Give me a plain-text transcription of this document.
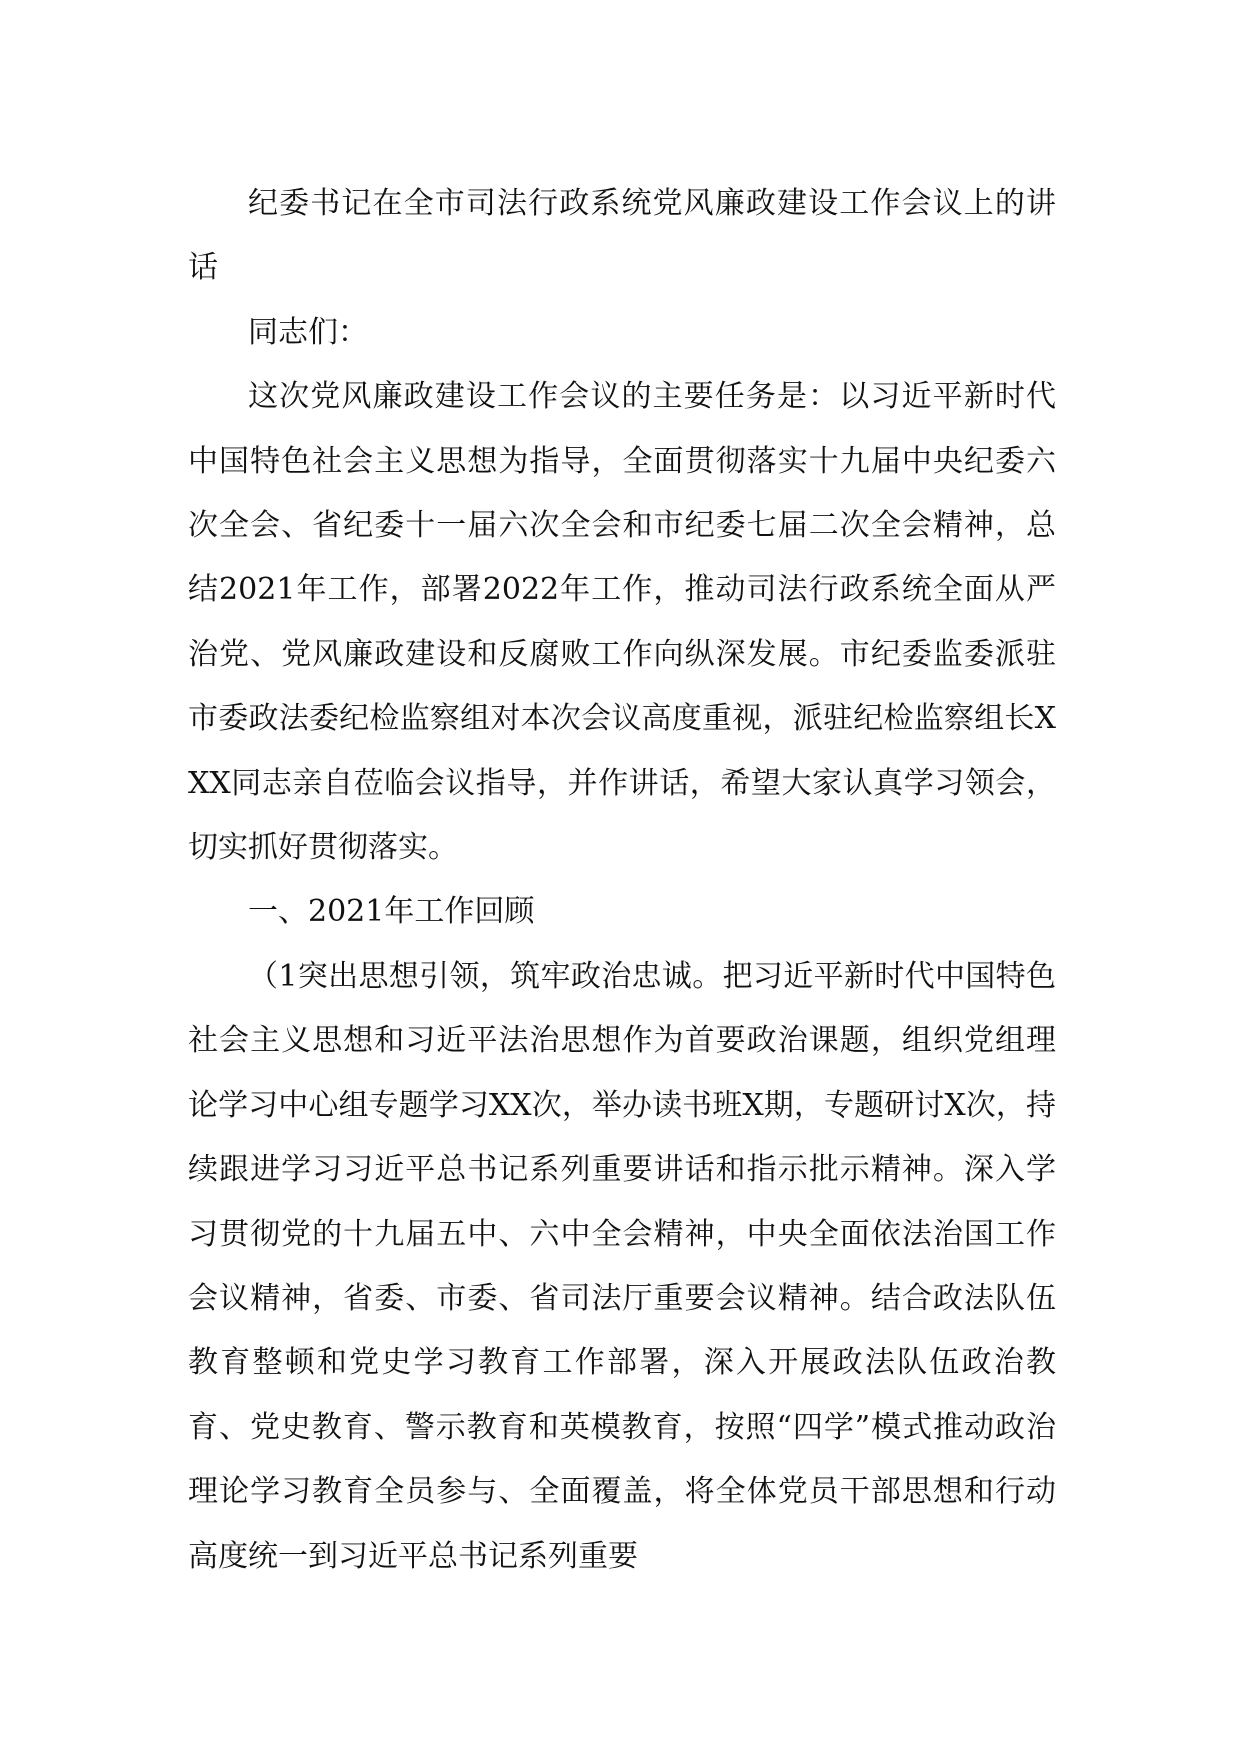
纪委书记在全市司法行政系统党风廉政建设工作会议上的讲话

同志们：

这次党风廉政建设工作会议的主要任务是：以习近平新时代中国特色社会主义思想为指导，全面贯彻落实十九届中央纪委六次全会、省纪委十一届六次全会和市纪委七届二次全会精神，总结2021年工作，部署2022年工作，推动司法行政系统全面从严治党、党风廉政建设和反腐败工作向纵深发展。市纪委监委派驻市委政法委纪检监察组对本次会议高度重视，派驻纪检监察组长XXX同志亲自莅临会议指导，并作讲话，希望大家认真学习领会，切实抓好贯彻落实。

一、2021年工作回顾

（1突出思想引领，筑牢政治忠诚。把习近平新时代中国特色社会主义思想和习近平法治思想作为首要政治课题，组织党组理论学习中心组专题学习XX次，举办读书班X期，专题研讨X次，持续跟进学习习近平总书记系列重要讲话和指示批示精神。深入学习贯彻党的十九届五中、六中全会精神，中央全面依法治国工作会议精神，省委、市委、省司法厅重要会议精神。结合政法队伍教育整顿和党史学习教育工作部署，深入开展政法队伍政治教育、党史教育、警示教育和英模教育，按照“四学”模式推动政治理论学习教育全员参与、全面覆盖，将全体党员干部思想和行动高度统一到习近平总书记系列重要
